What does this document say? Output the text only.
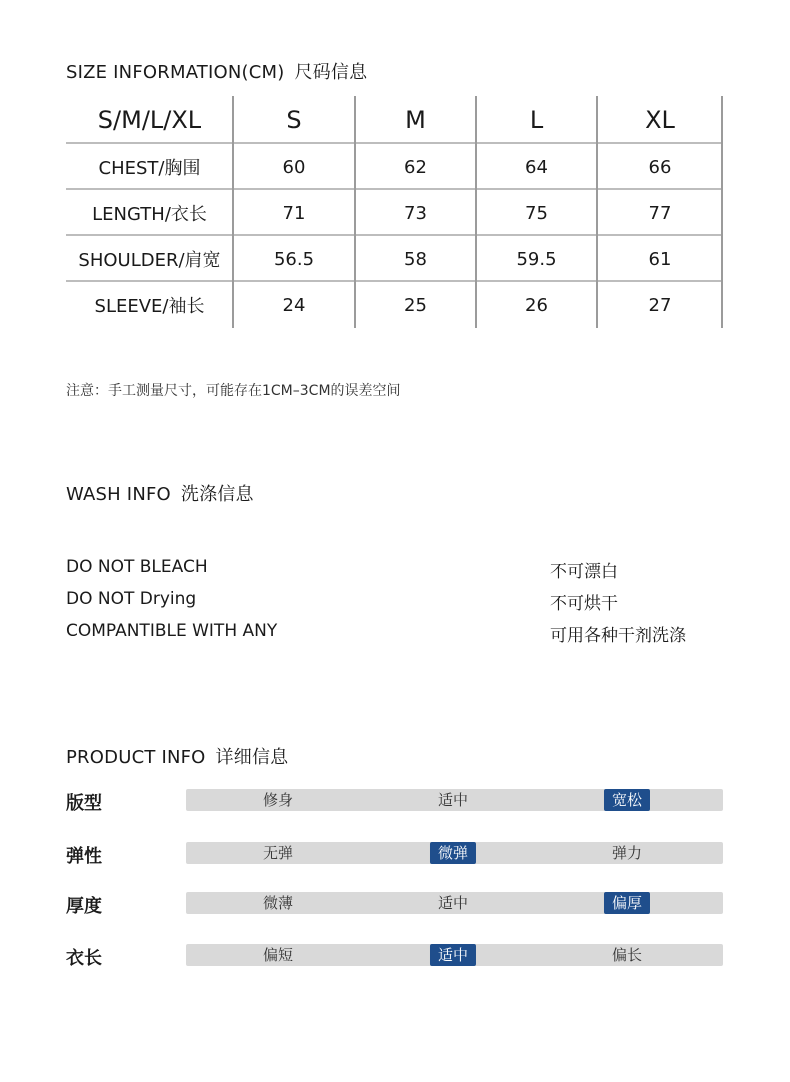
SIZE INFORMATION(CM) 尺码信息
S/M/L/XL	S	M	L	XL
CHEST/胸围	60	62	64	66
LENGTH/衣长	71	73	75	77
SHOULDER/肩宽	56.5	58	59.5	61
SLEEVE/袖长	24	25	26	27
注意：手工测量尺寸，可能存在1CM–3CM的误差空间
WASH INFO 洗涤信息
DO NOT BLEACH	不可漂白
DO NOT Drying	不可烘干
COMPANTIBLE WITH ANY	可用各种干剂洗涤
PRODUCT INFO 详细信息
版型	修身	适中	宽松
弹性	无弹	微弹	弹力
厚度	微薄	适中	偏厚
衣长	偏短	适中	偏长
